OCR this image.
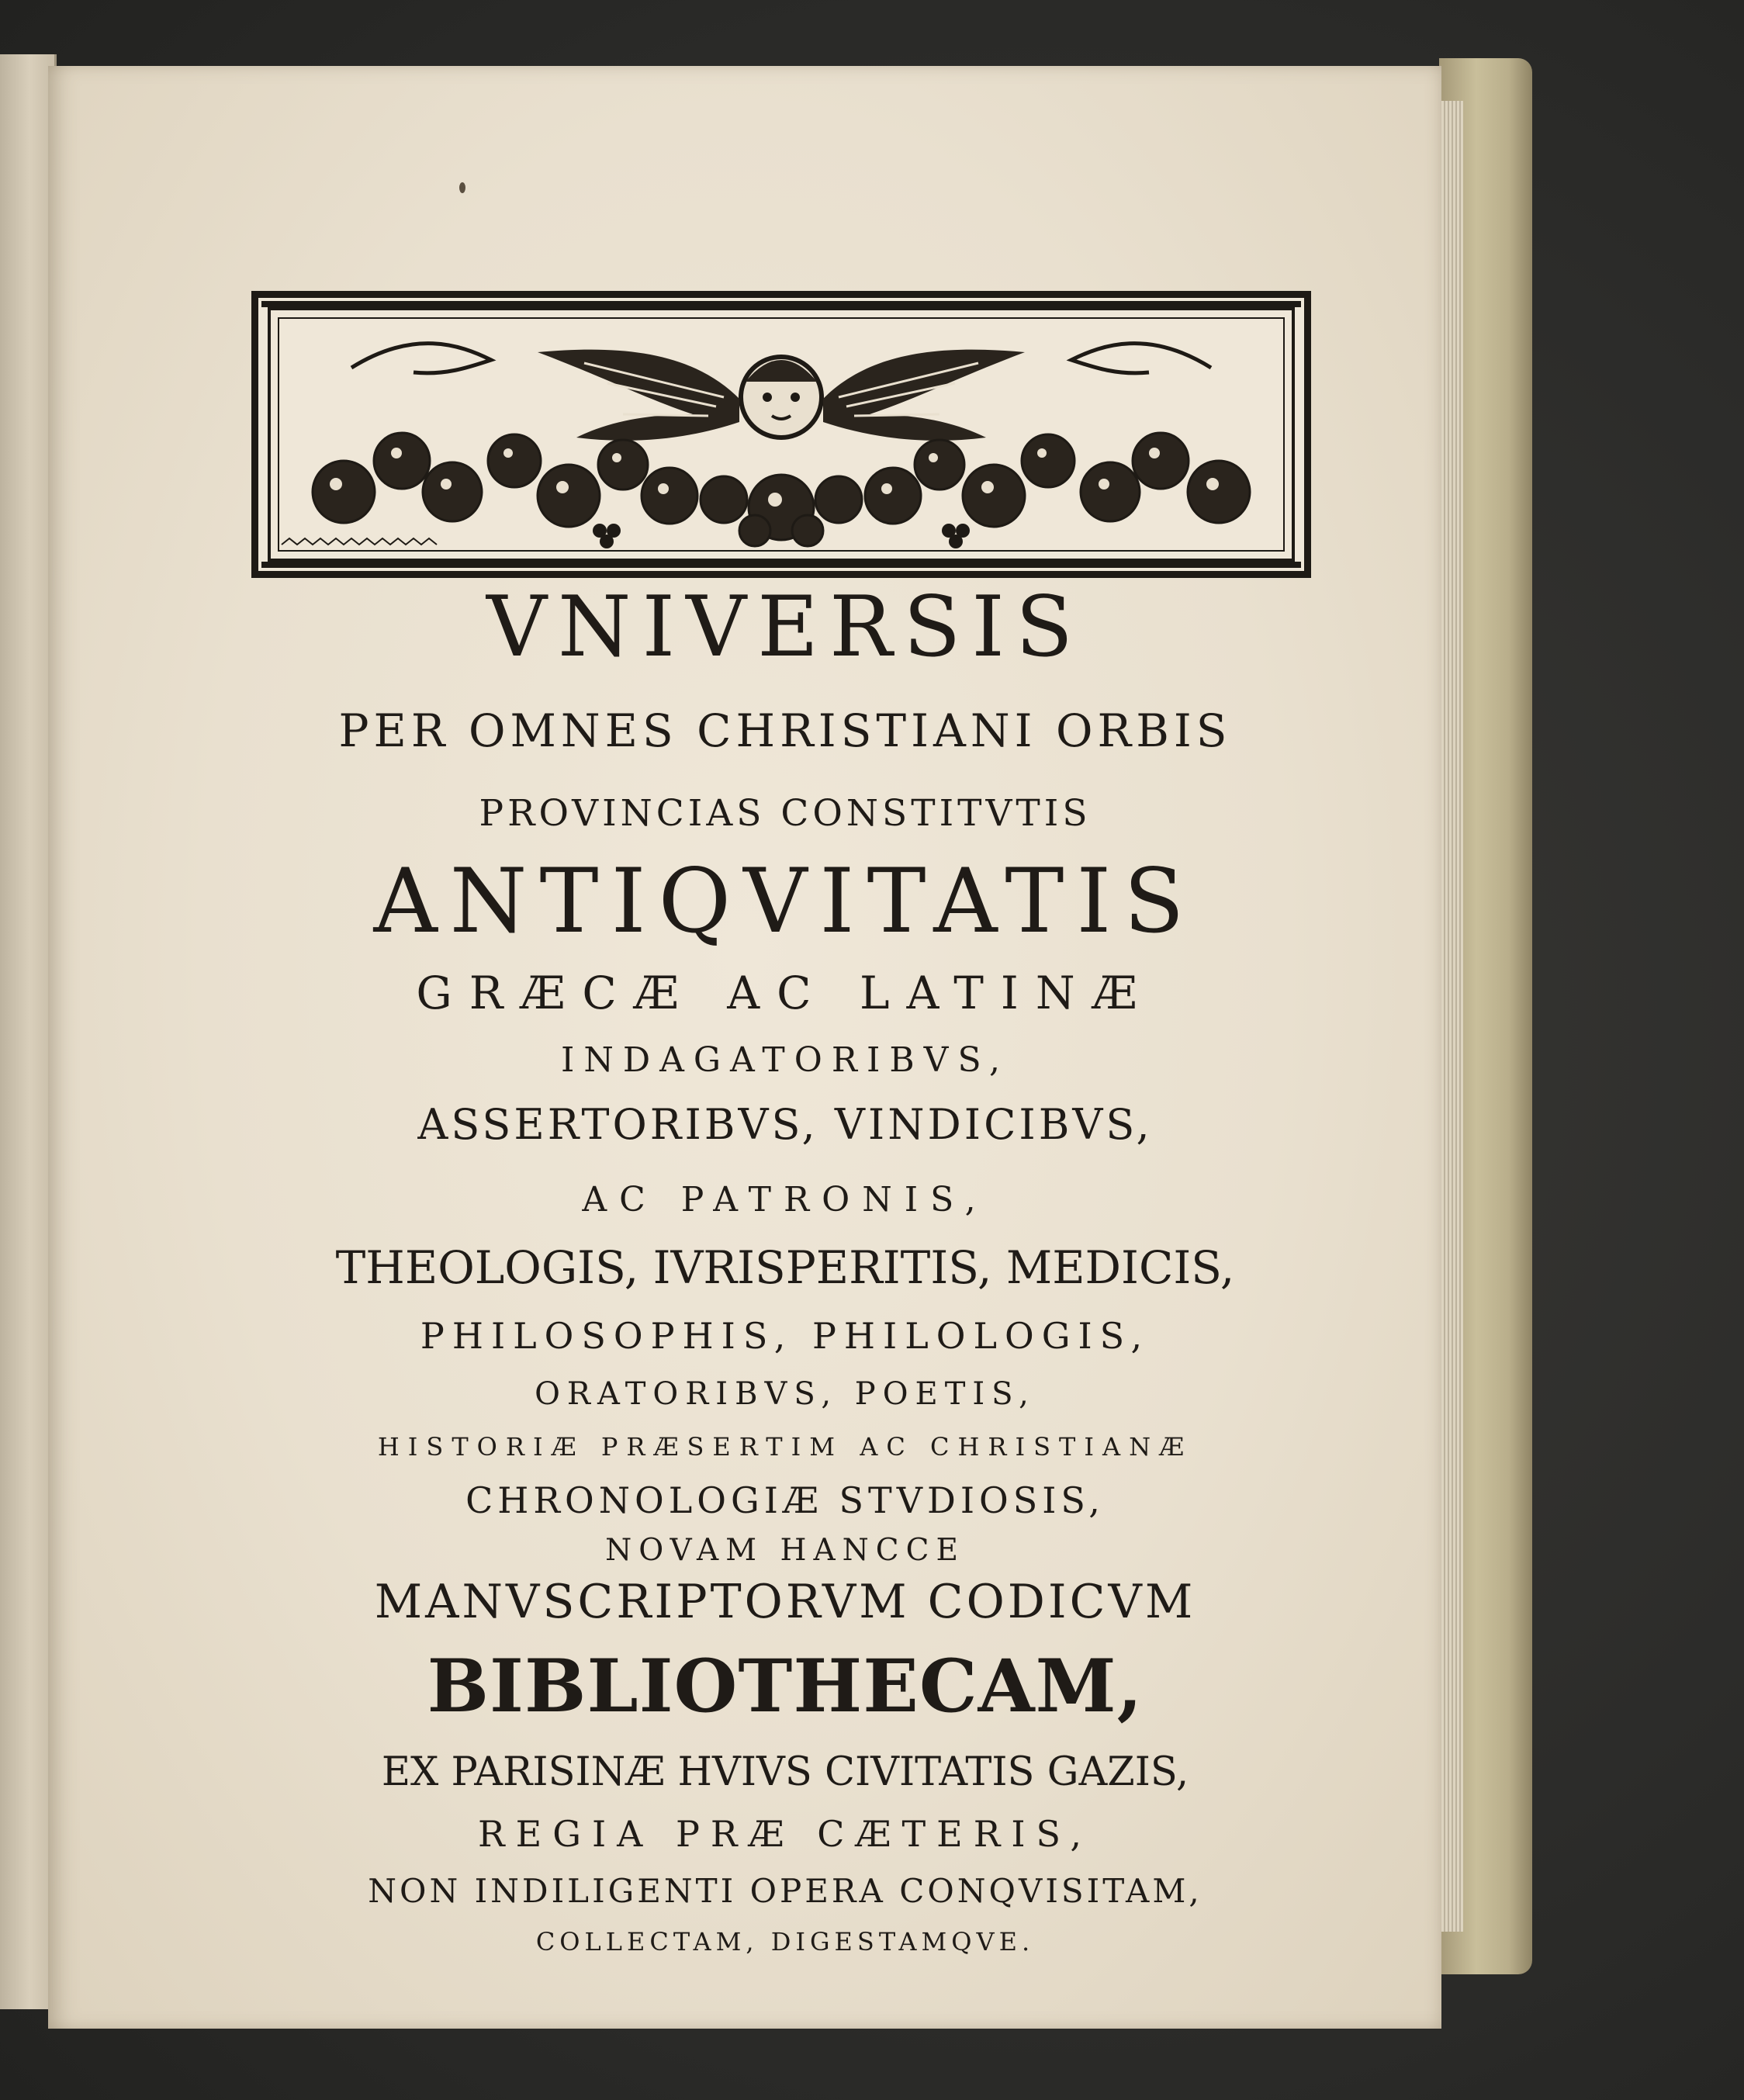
VNIVERSIS
PER OMNES CHRISTIANI ORBIS
PROVINCIAS CONSTITVTIS
ANTIQVITATIS
GRÆCÆ AC LATINÆ
INDAGATORIBVS,
ASSERTORIBVS, VINDICIBVS,
AC PATRONIS,
THEOLOGIS, IVRISPERITIS, MEDICIS,
PHILOSOPHIS, PHILOLOGIS,
ORATORIBVS, POETIS,
HISTORIÆ PRÆSERTIM AC CHRISTIANÆ
CHRONOLOGIÆ STVDIOSIS,
NOVAM HANCCE
MANVSCRIPTORVM CODICVM
BIBLIOTHECAM,
EX PARISINÆ HVIVS CIVITATIS GAZIS,
REGIA PRÆ CÆTERIS,
NON INDILIGENTI OPERA CONQVISITAM,
COLLECTAM, DIGESTAMQVE.
